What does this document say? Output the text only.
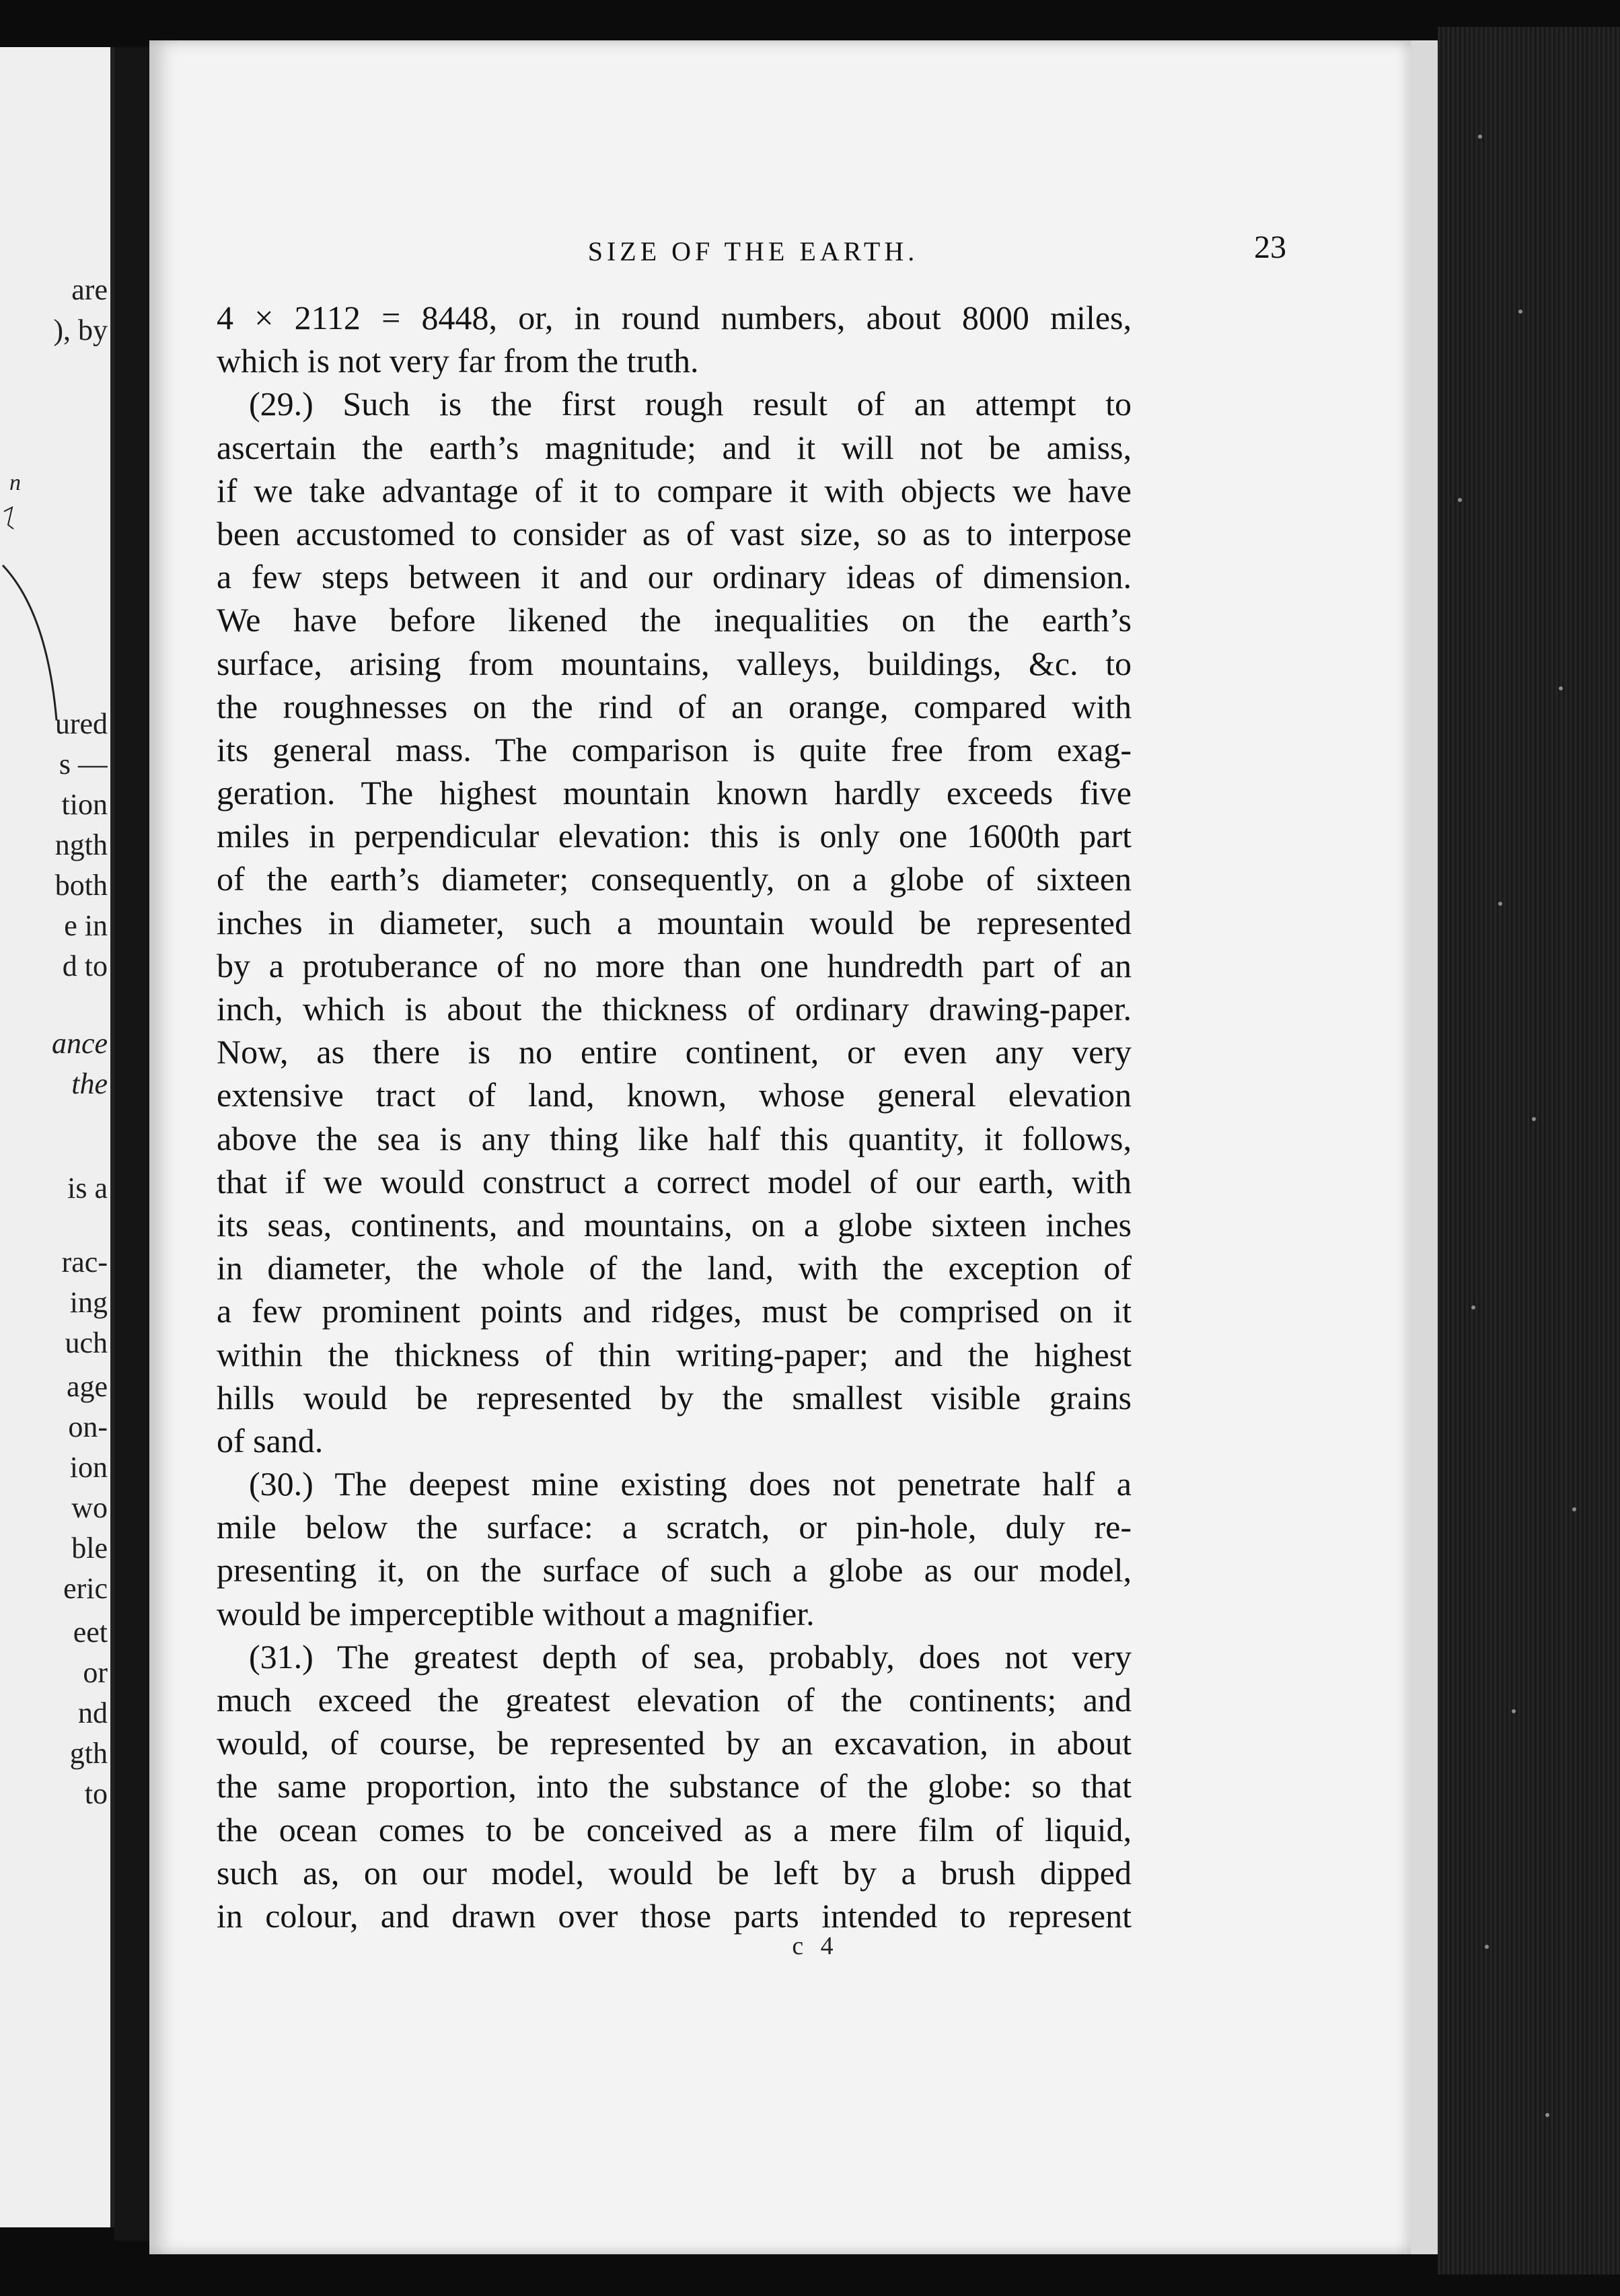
n
are
), by
ured
s —
tion
ngth
both
e in
d to
ance
the
is a
rac-
ing
uch
age
on-
ion
wo
ble
eric
eet
or
nd
gth
to
SIZE OF THE EARTH.	23
4 × 2112 = 8448, or, in round numbers, about 8000 miles,
which is not very far from the truth.
(29.) Such is the first rough result of an attempt to
ascertain the earth’s magnitude; and it will not be amiss,
if we take advantage of it to compare it with objects we have
been accustomed to consider as of vast size, so as to interpose
a few steps between it and our ordinary ideas of dimension.
We have before likened the inequalities on the earth’s
surface, arising from mountains, valleys, buildings, &c. to
the roughnesses on the rind of an orange, compared with
its general mass. The comparison is quite free from exag-
geration. The highest mountain known hardly exceeds five
miles in perpendicular elevation: this is only one 1600th part
of the earth’s diameter; consequently, on a globe of sixteen
inches in diameter, such a mountain would be represented
by a protuberance of no more than one hundredth part of an
inch, which is about the thickness of ordinary drawing-paper.
Now, as there is no entire continent, or even any very
extensive tract of land, known, whose general elevation
above the sea is any thing like half this quantity, it follows,
that if we would construct a correct model of our earth, with
its seas, continents, and mountains, on a globe sixteen inches
in diameter, the whole of the land, with the exception of
a few prominent points and ridges, must be comprised on it
within the thickness of thin writing-paper; and the highest
hills would be represented by the smallest visible grains
of sand.
(30.) The deepest mine existing does not penetrate half a
mile below the surface: a scratch, or pin-hole, duly re-
presenting it, on the surface of such a globe as our model,
would be imperceptible without a magnifier.
(31.) The greatest depth of sea, probably, does not very
much exceed the greatest elevation of the continents; and
would, of course, be represented by an excavation, in about
the same proportion, into the substance of the globe: so that
the ocean comes to be conceived as a mere film of liquid,
such as, on our model, would be left by a brush dipped
in colour, and drawn over those parts intended to represent
c 4
